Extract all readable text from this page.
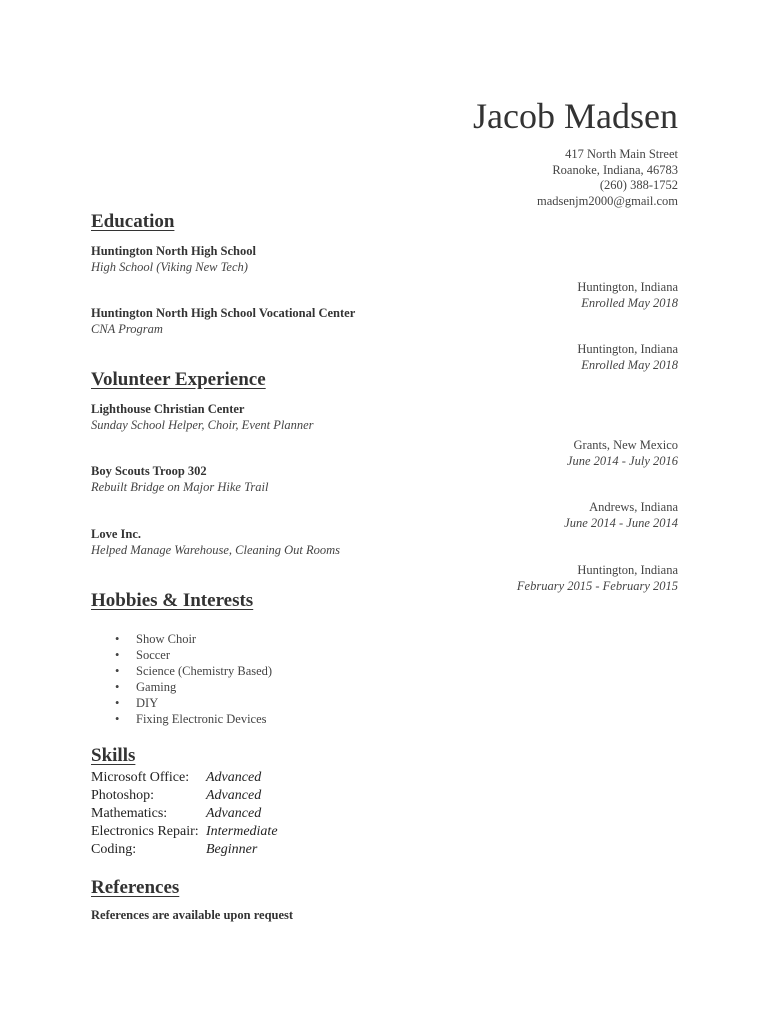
Jacob Madsen
417 North Main Street
Roanoke, Indiana, 46783
(260) 388-1752
madsenjm2000@gmail.com
Education
Huntington North High School
High School (Viking New Tech)
Huntington, Indiana
Enrolled May 2018
Huntington North High School Vocational Center
CNA Program
Huntington, Indiana
Enrolled May 2018
Volunteer Experience
Lighthouse Christian Center
Sunday School Helper, Choir, Event Planner
Grants, New Mexico
June 2014 - July 2016
Boy Scouts Troop 302
Rebuilt Bridge on Major Hike Trail
Andrews, Indiana
June 2014 - June 2014
Love Inc.
Helped Manage Warehouse, Cleaning Out Rooms
Huntington, Indiana
February 2015 - February 2015
Hobbies & Interests
• Show Choir
• Soccer
• Science (Chemistry Based)
• Gaming
• DIY
• Fixing Electronic Devices
Skills
Microsoft Office:	Advanced
Photoshop:	Advanced
Mathematics:	Advanced
Electronics Repair: Intermediate
Coding:	Beginner
References
References are available upon request
